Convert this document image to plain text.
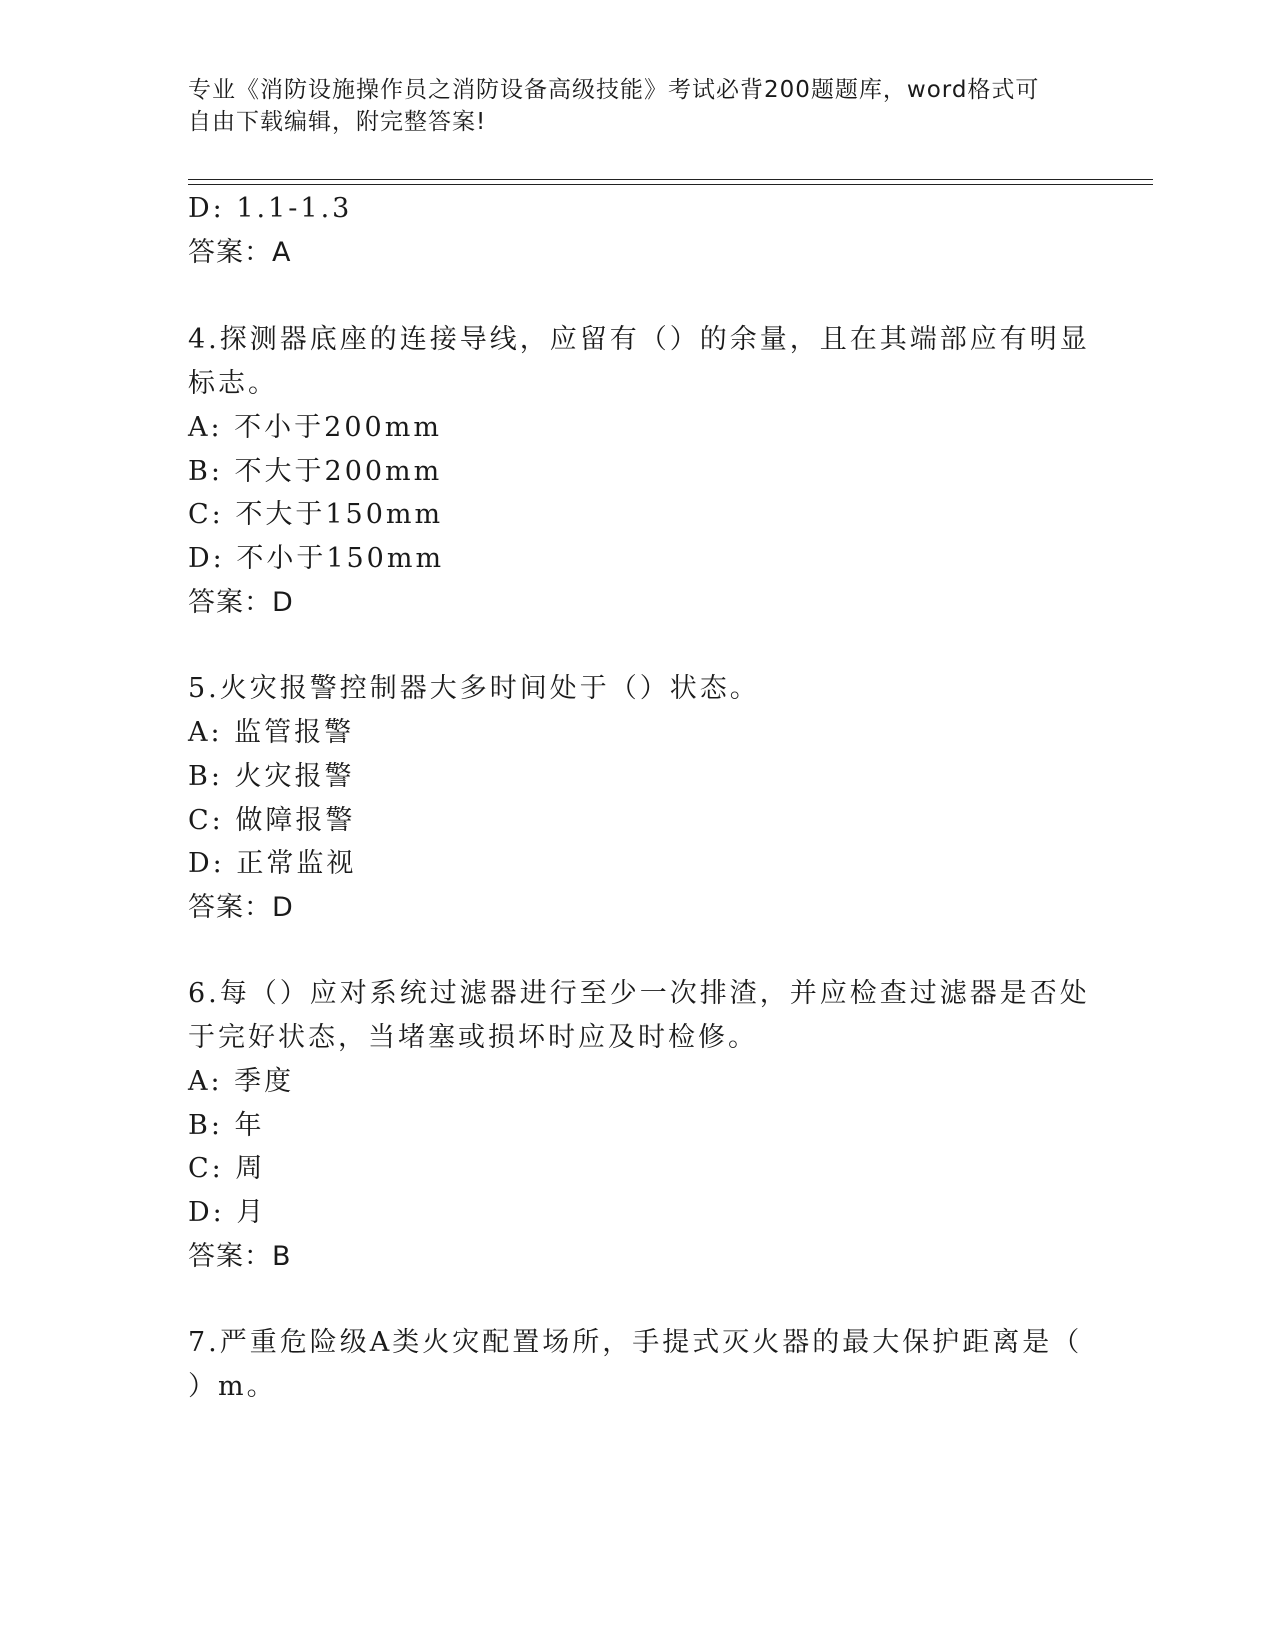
专业《消防设施操作员之消防设备高级技能》考试必背200题题库，word格式可
自由下载编辑，附完整答案!
D: 1.1-1.3
答案：A
4.探测器底座的连接导线，应留有（）的余量，且在其端部应有明显
标志。
A: 不小于200mm
B: 不大于200mm
C: 不大于150mm
D: 不小于150mm
答案：D
5.火灾报警控制器大多时间处于（）状态。
A: 监管报警
B: 火灾报警
C: 做障报警
D: 正常监视
答案：D
6.每（）应对系统过滤器进行至少一次排渣，并应检查过滤器是否处
于完好状态，当堵塞或损坏时应及时检修。
A: 季度
B: 年
C: 周
D: 月
答案：B
7.严重危险级A类火灾配置场所，手提式灭火器的最大保护距离是（
）m。
